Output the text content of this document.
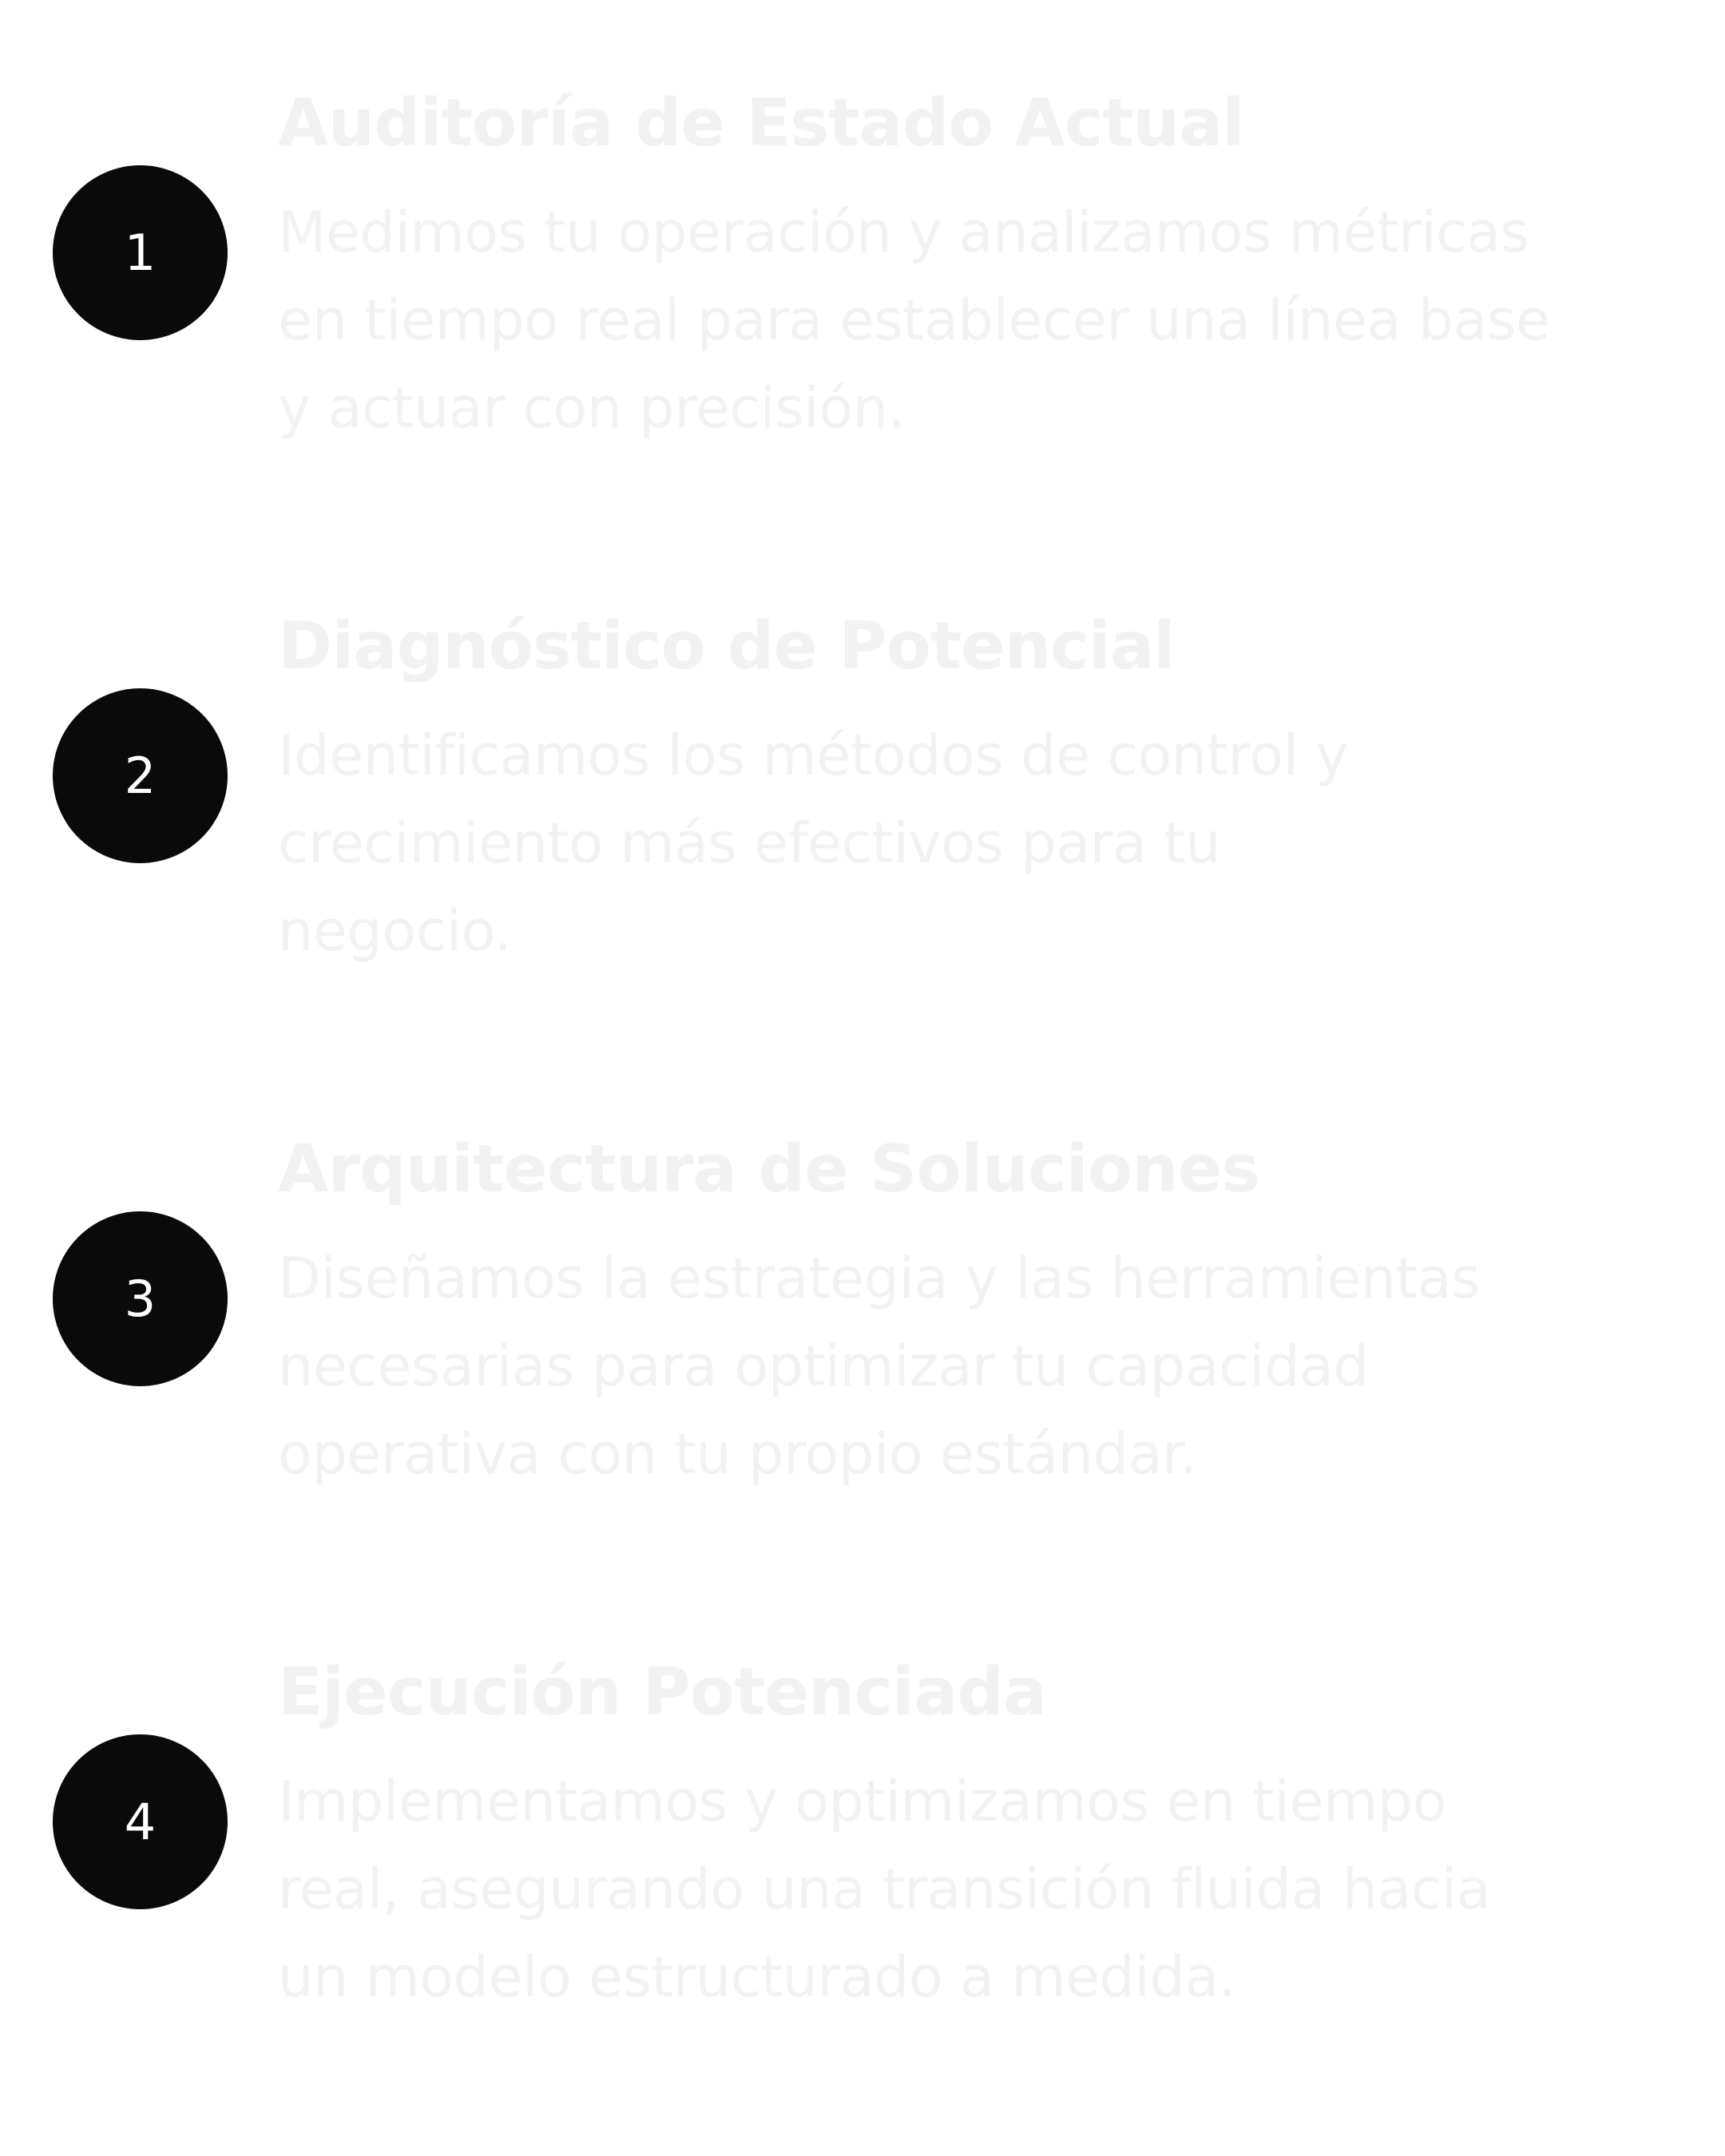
1
Auditoría de Estado Actual

Medimos tu operación y analizamos métricas
en tiempo real para establecer una línea base
y actuar con precisión.

2
Diagnóstico de Potencial

Identificamos los métodos de control y
crecimiento más efectivos para tu
negocio.

3
Arquitectura de Soluciones

Diseñamos la estrategia y las herramientas
necesarias para optimizar tu capacidad
operativa con tu propio estándar.

4
Ejecución Potenciada

Implementamos y optimizamos en tiempo
real, asegurando una transición fluida hacia
un modelo estructurado a medida.
